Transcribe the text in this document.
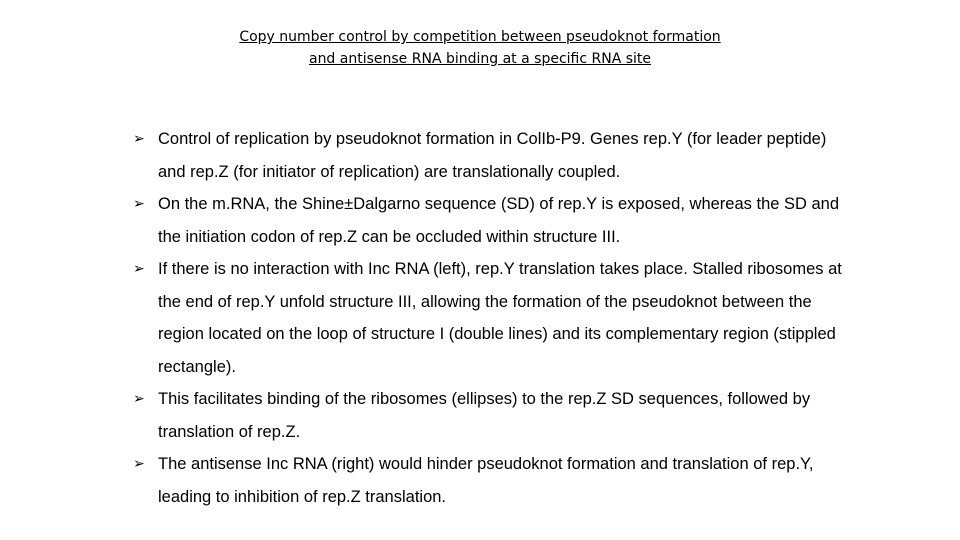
Copy number control by competition between pseudoknot formation
and antisense RNA binding at a specific RNA site
➢ Control of replication by pseudoknot formation in ColIb-P9. Genes rep.Y (for leader peptide) and rep.Z (for initiator of replication) are translationally coupled.
➢ On the m.RNA, the Shine±Dalgarno sequence (SD) of rep.Y is exposed, whereas the SD and the initiation codon of rep.Z can be occluded within structure III.
➢ If there is no interaction with Inc RNA (left), rep.Y translation takes place. Stalled ribosomes at the end of rep.Y unfold structure III, allowing the formation of the pseudoknot between the region located on the loop of structure I (double lines) and its complementary region (stippled rectangle).
➢ This facilitates binding of the ribosomes (ellipses) to the rep.Z SD sequences, followed by translation of rep.Z.
➢ The antisense Inc RNA (right) would hinder pseudoknot formation and translation of rep.Y, leading to inhibition of rep.Z translation.
